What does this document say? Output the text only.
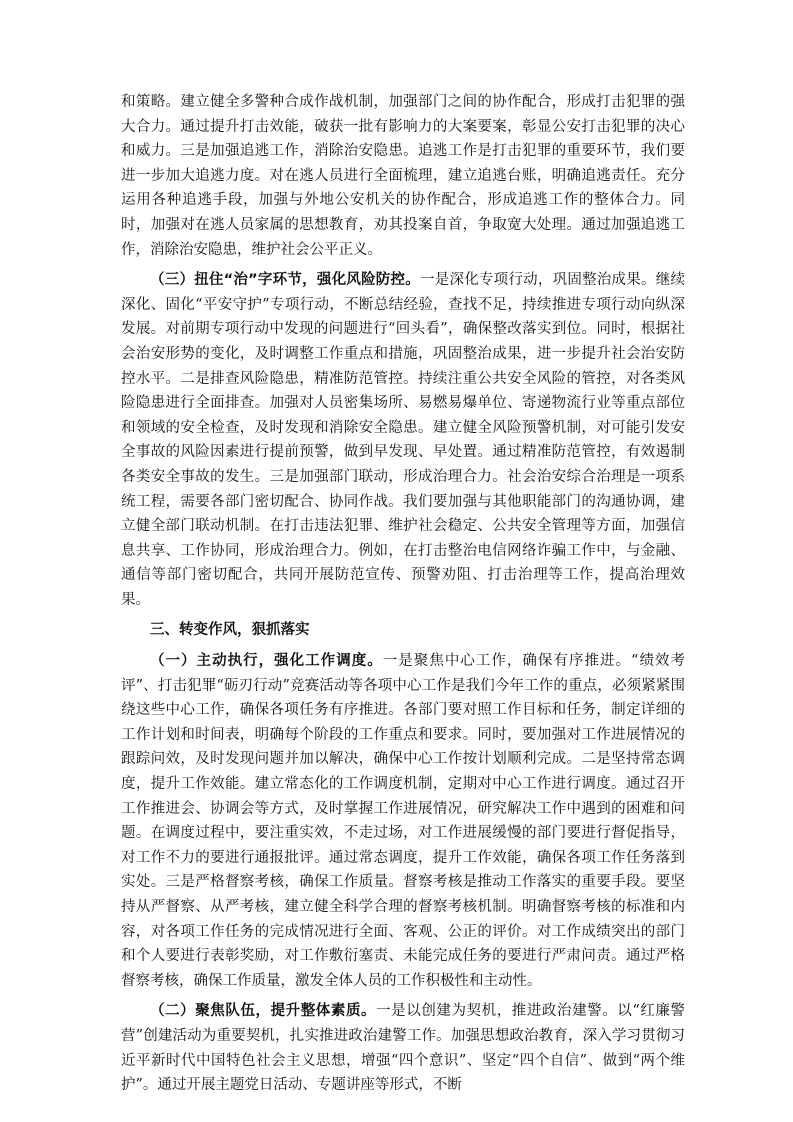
和策略。建立健全多警种合成作战机制，加强部门之间的协作配合，形成打击犯罪的强大合力。通过提升打击效能，破获一批有影响力的大案要案，彰显公安打击犯罪的决心和威力。三是加强追逃工作，消除治安隐患。追逃工作是打击犯罪的重要环节，我们要进一步加大追逃力度。对在逃人员进行全面梳理，建立追逃台账，明确追逃责任。充分运用各种追逃手段，加强与外地公安机关的协作配合，形成追逃工作的整体合力。同时，加强对在逃人员家属的思想教育，劝其投案自首，争取宽大处理。通过加强追逃工作，消除治安隐患，维护社会公平正义。

（三）扭住“治”字环节，强化风险防控。一是深化专项行动，巩固整治成果。继续深化、固化“平安守护”专项行动，不断总结经验，查找不足，持续推进专项行动向纵深发展。对前期专项行动中发现的问题进行“回头看”，确保整改落实到位。同时，根据社会治安形势的变化，及时调整工作重点和措施，巩固整治成果，进一步提升社会治安防控水平。二是排查风险隐患，精准防范管控。持续注重公共安全风险的管控，对各类风险隐患进行全面排查。加强对人员密集场所、易燃易爆单位、寄递物流行业等重点部位和领域的安全检查，及时发现和消除安全隐患。建立健全风险预警机制，对可能引发安全事故的风险因素进行提前预警，做到早发现、早处置。通过精准防范管控，有效遏制各类安全事故的发生。三是加强部门联动，形成治理合力。社会治安综合治理是一项系统工程，需要各部门密切配合、协同作战。我们要加强与其他职能部门的沟通协调，建立健全部门联动机制。在打击违法犯罪、维护社会稳定、公共安全管理等方面，加强信息共享、工作协同，形成治理合力。例如，在打击整治电信网络诈骗工作中，与金融、通信等部门密切配合，共同开展防范宣传、预警劝阻、打击治理等工作，提高治理效果。

三、转变作风，狠抓落实

（一）主动执行，强化工作调度。一是聚焦中心工作，确保有序推进。“绩效考评”、打击犯罪“砺刃行动”竞赛活动等各项中心工作是我们今年工作的重点，必须紧紧围绕这些中心工作，确保各项任务有序推进。各部门要对照工作目标和任务，制定详细的工作计划和时间表，明确每个阶段的工作重点和要求。同时，要加强对工作进展情况的跟踪问效，及时发现问题并加以解决，确保中心工作按计划顺利完成。二是坚持常态调度，提升工作效能。建立常态化的工作调度机制，定期对中心工作进行调度。通过召开工作推进会、协调会等方式，及时掌握工作进展情况，研究解决工作中遇到的困难和问题。在调度过程中，要注重实效，不走过场，对工作进展缓慢的部门要进行督促指导，对工作不力的要进行通报批评。通过常态调度，提升工作效能，确保各项工作任务落到实处。三是严格督察考核，确保工作质量。督察考核是推动工作落实的重要手段。要坚持从严督察、从严考核，建立健全科学合理的督察考核机制。明确督察考核的标准和内容，对各项工作任务的完成情况进行全面、客观、公正的评价。对工作成绩突出的部门和个人要进行表彰奖励，对工作敷衍塞责、未能完成任务的要进行严肃问责。通过严格督察考核，确保工作质量，激发全体人员的工作积极性和主动性。

（二）聚焦队伍，提升整体素质。一是以创建为契机，推进政治建警。以“红廉警营”创建活动为重要契机，扎实推进政治建警工作。加强思想政治教育，深入学习贯彻习近平新时代中国特色社会主义思想，增强“四个意识”、坚定“四个自信”、做到“两个维护”。通过开展主题党日活动、专题讲座等形式，不断
